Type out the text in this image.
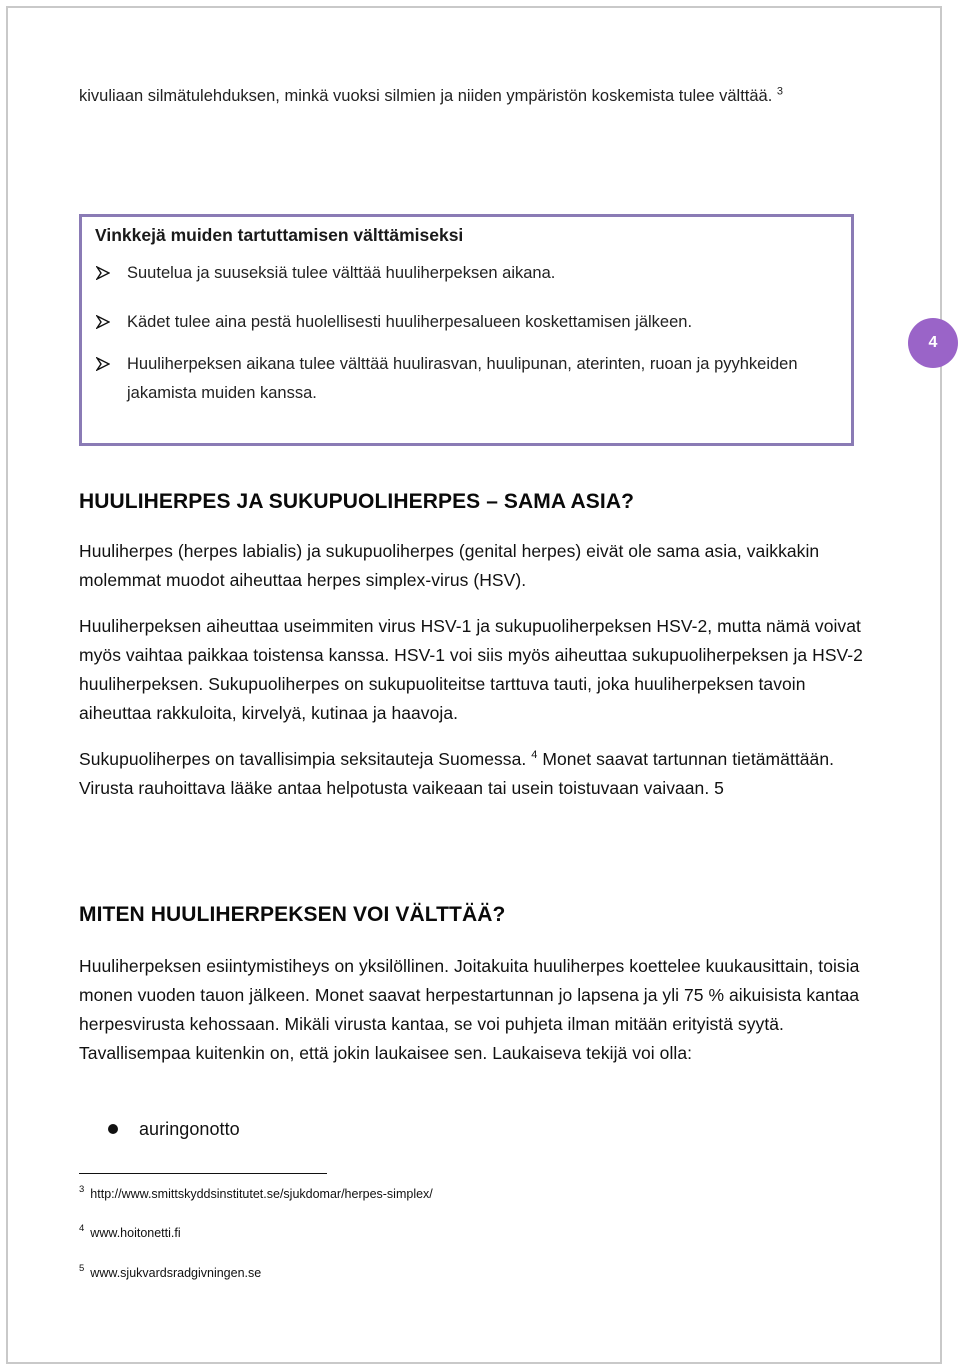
kivuliaan silmätulehduksen, minkä vuoksi silmien ja niiden ympäristön koskemista tulee välttää. $^3$
Vinkkejä muiden tartuttamisen välttämiseksi
Suutelua ja suuseksiä tulee välttää huuliherpeksen aikana.
Kädet tulee aina pestä huolellisesti huuliherpesalueen koskettamisen jälkeen.
Huuliherpeksen aikana tulee välttää huulirasvan, huulipunan, aterinten, ruoan ja pyyhkeiden jakamista muiden kanssa.
4
HUULIHERPES JA SUKUPUOLIHERPES – SAMA ASIA?
Huuliherpes (herpes labialis) ja sukupuoliherpes (genital herpes) eivät ole sama asia, vaikkakin molemmat muodot aiheuttaa herpes simplex-virus (HSV).
Huuliherpeksen aiheuttaa useimmiten virus HSV-1 ja sukupuoliherpeksen HSV-2, mutta nämä voivat myös vaihtaa paikkaa toistensa kanssa. HSV-1 voi siis myös aiheuttaa sukupuoliherpeksen ja HSV-2 huuliherpeksen. Sukupuoliherpes on sukupuoliteitse tarttuva tauti, joka huuliherpeksen tavoin aiheuttaa rakkuloita, kirvelyä, kutinaa ja haavoja.
Sukupuoliherpes on tavallisimpia seksitauteja Suomessa. $^4$ Monet saavat tartunnan tietämättään. Virusta rauhoittava lääke antaa helpotusta vaikeaan tai usein toistuvaan vaivaan. 5
MITEN HUULIHERPEKSEN VOI VÄLTTÄÄ?
Huuliherpeksen esiintymistiheys on yksilöllinen. Joitakuita huuliherpes koettelee kuukausittain, toisia monen vuoden tauon jälkeen. Monet saavat herpestartunnan jo lapsena ja yli 75 % aikuisista kantaa herpesvirusta kehossaan. Mikäli virusta kantaa, se voi puhjeta ilman mitään erityistä syytä. Tavallisempaa kuitenkin on, että jokin laukaisee sen. Laukaiseva tekijä voi olla:
auringonotto
$^3$ http://www.smittskyddsinstitutet.se/sjukdomar/herpes-simplex/
$^4$ www.hoitonetti.fi
$^5$ www.sjukvardsradgivningen.se
